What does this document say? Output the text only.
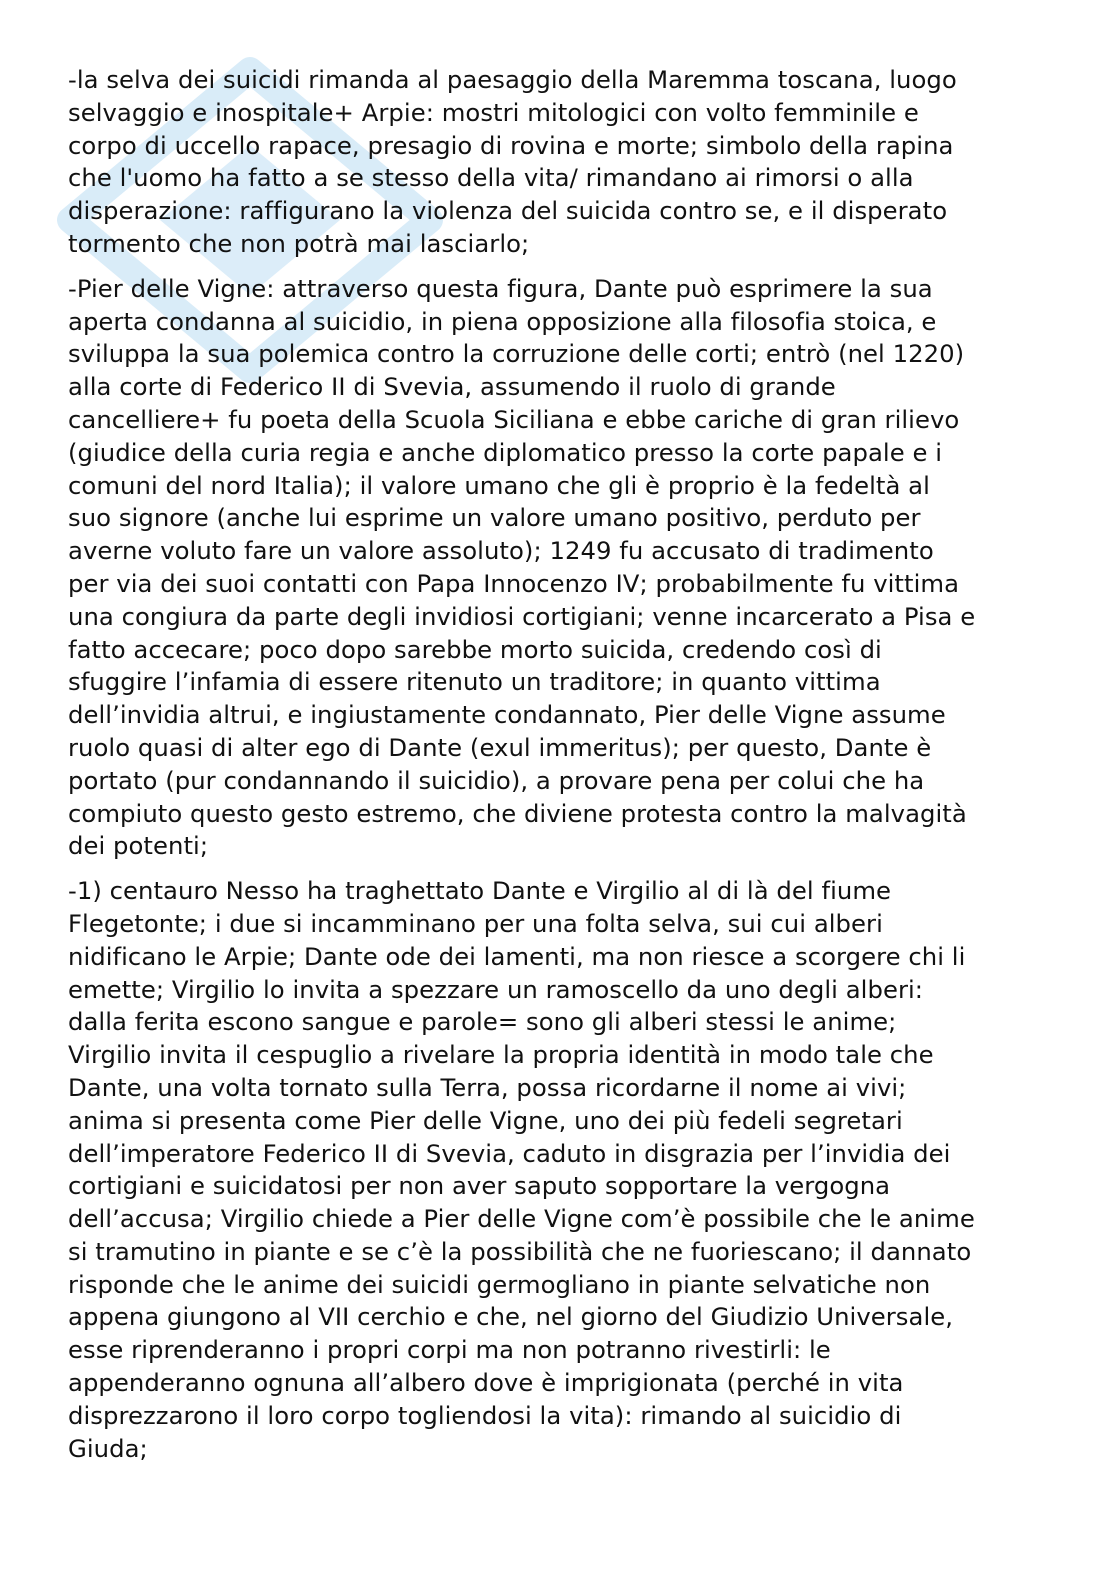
-la selva dei suicidi rimanda al paesaggio della Maremma toscana, luogo
selvaggio e inospitale+ Arpie: mostri mitologici con volto femminile e
corpo di uccello rapace, presagio di rovina e morte; simbolo della rapina
che l'uomo ha fatto a se stesso della vita/ rimandano ai rimorsi o alla
disperazione: raffigurano la violenza del suicida contro se, e il disperato
tormento che non potrà mai lasciarlo;

-Pier delle Vigne: attraverso questa figura, Dante può esprimere la sua
aperta condanna al suicidio, in piena opposizione alla filosofia stoica, e
sviluppa la sua polemica contro la corruzione delle corti; entrò (nel 1220)
alla corte di Federico II di Svevia, assumendo il ruolo di grande
cancelliere+ fu poeta della Scuola Siciliana e ebbe cariche di gran rilievo
(giudice della curia regia e anche diplomatico presso la corte papale e i
comuni del nord Italia); il valore umano che gli è proprio è la fedeltà al
suo signore (anche lui esprime un valore umano positivo, perduto per
averne voluto fare un valore assoluto); 1249 fu accusato di tradimento
per via dei suoi contatti con Papa Innocenzo IV; probabilmente fu vittima
una congiura da parte degli invidiosi cortigiani; venne incarcerato a Pisa e
fatto accecare; poco dopo sarebbe morto suicida, credendo così di
sfuggire l’infamia di essere ritenuto un traditore; in quanto vittima
dell’invidia altrui, e ingiustamente condannato, Pier delle Vigne assume
ruolo quasi di alter ego di Dante (exul immeritus); per questo, Dante è
portato (pur condannando il suicidio), a provare pena per colui che ha
compiuto questo gesto estremo, che diviene protesta contro la malvagità
dei potenti;

-1) centauro Nesso ha traghettato Dante e Virgilio al di là del fiume
Flegetonte; i due si incamminano per una folta selva, sui cui alberi
nidificano le Arpie; Dante ode dei lamenti, ma non riesce a scorgere chi li
emette; Virgilio lo invita a spezzare un ramoscello da uno degli alberi:
dalla ferita escono sangue e parole= sono gli alberi stessi le anime;
Virgilio invita il cespuglio a rivelare la propria identità in modo tale che
Dante, una volta tornato sulla Terra, possa ricordarne il nome ai vivi;
anima si presenta come Pier delle Vigne, uno dei più fedeli segretari
dell’imperatore Federico II di Svevia, caduto in disgrazia per l’invidia dei
cortigiani e suicidatosi per non aver saputo sopportare la vergogna
dell’accusa; Virgilio chiede a Pier delle Vigne com’è possibile che le anime
si tramutino in piante e se c’è la possibilità che ne fuoriescano; il dannato
risponde che le anime dei suicidi germogliano in piante selvatiche non
appena giungono al VII cerchio e che, nel giorno del Giudizio Universale,
esse riprenderanno i propri corpi ma non potranno rivestirli: le
appenderanno ognuna all’albero dove è imprigionata (perché in vita
disprezzarono il loro corpo togliendosi la vita): rimando al suicidio di
Giuda;
